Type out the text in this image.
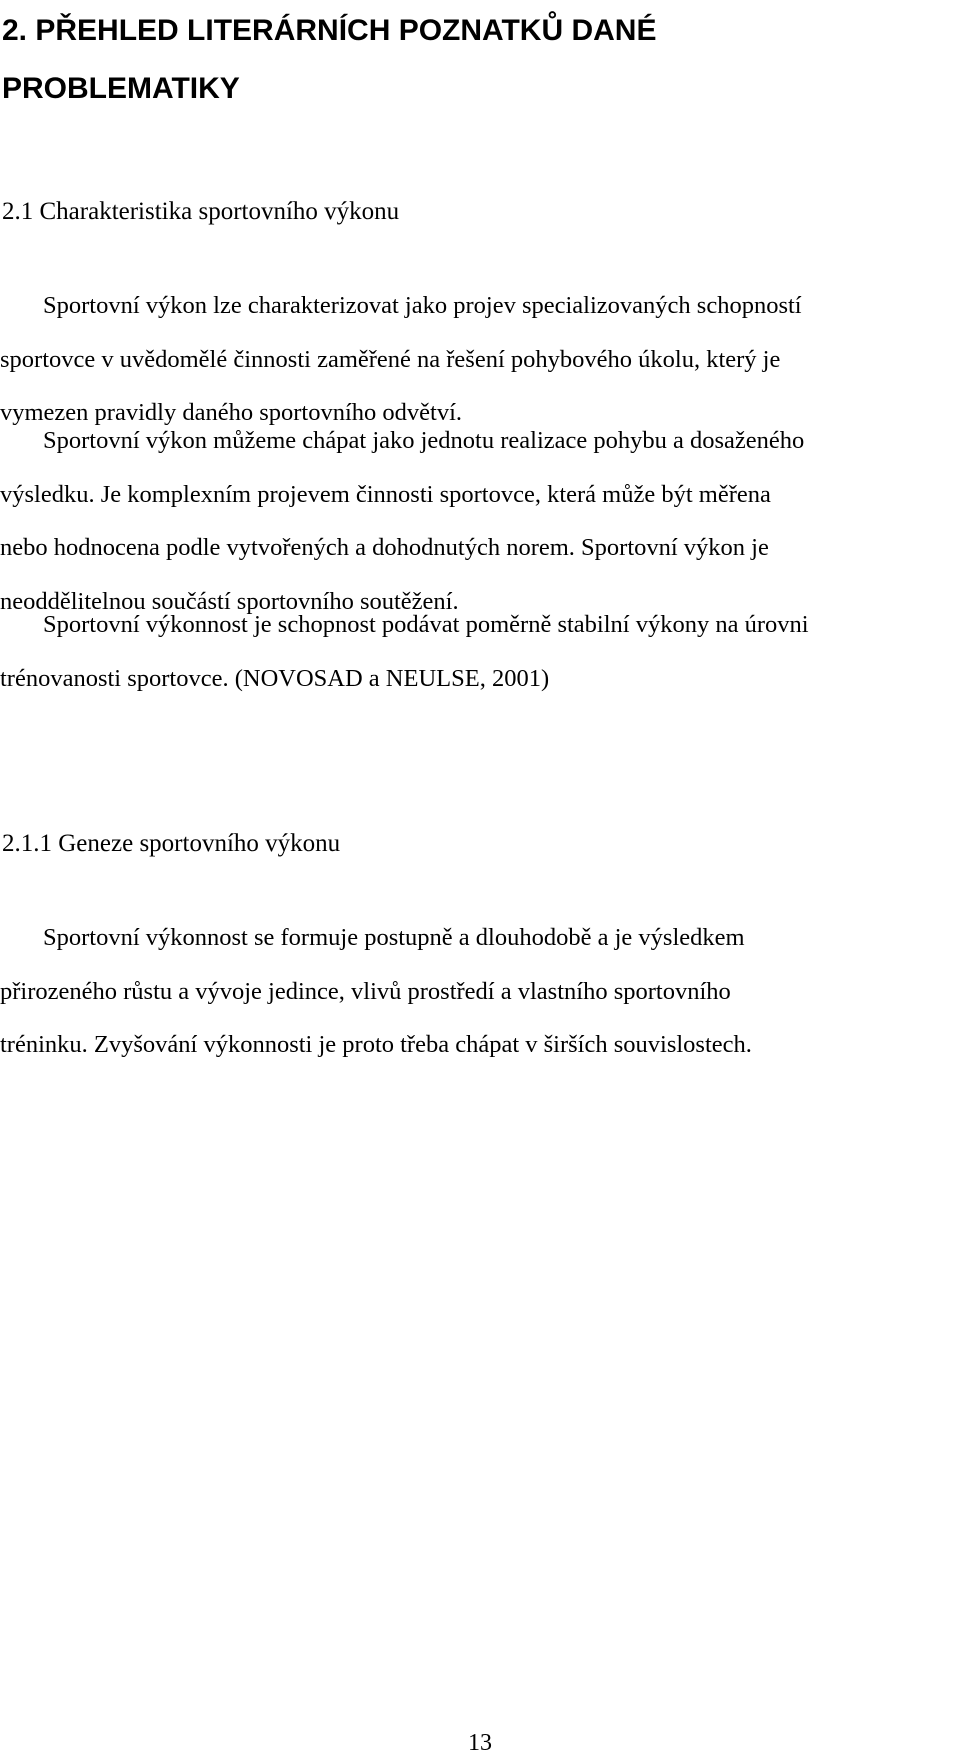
2. PŘEHLED LITERÁRNÍCH POZNATKŮ DANÉ
PROBLEMATIKY
2.1 Charakteristika sportovního výkonu

Sportovní výkon lze charakterizovat jako projev specializovaných schopností
sportovce v uvědomělé činnosti zaměřené na řešení pohybového úkolu, který je
vymezen pravidly daného sportovního odvětví.

Sportovní výkon můžeme chápat jako jednotu realizace pohybu a dosaženého
výsledku. Je komplexním projevem činnosti sportovce, která může být měřena
nebo hodnocena podle vytvořených a dohodnutých norem. Sportovní výkon je
neoddělitelnou součástí sportovního soutěžení.

Sportovní výkonnost je schopnost podávat poměrně stabilní výkony na úrovni
trénovanosti sportovce. (NOVOSAD a NEULSE, 2001)

2.1.1 Geneze sportovního výkonu

Sportovní výkonnost se formuje postupně a dlouhodobě a je výsledkem
přirozeného růstu a vývoje jedince, vlivů prostředí a vlastního sportovního
tréninku. Zvyšování výkonnosti je proto třeba chápat v širších souvislostech.

13
